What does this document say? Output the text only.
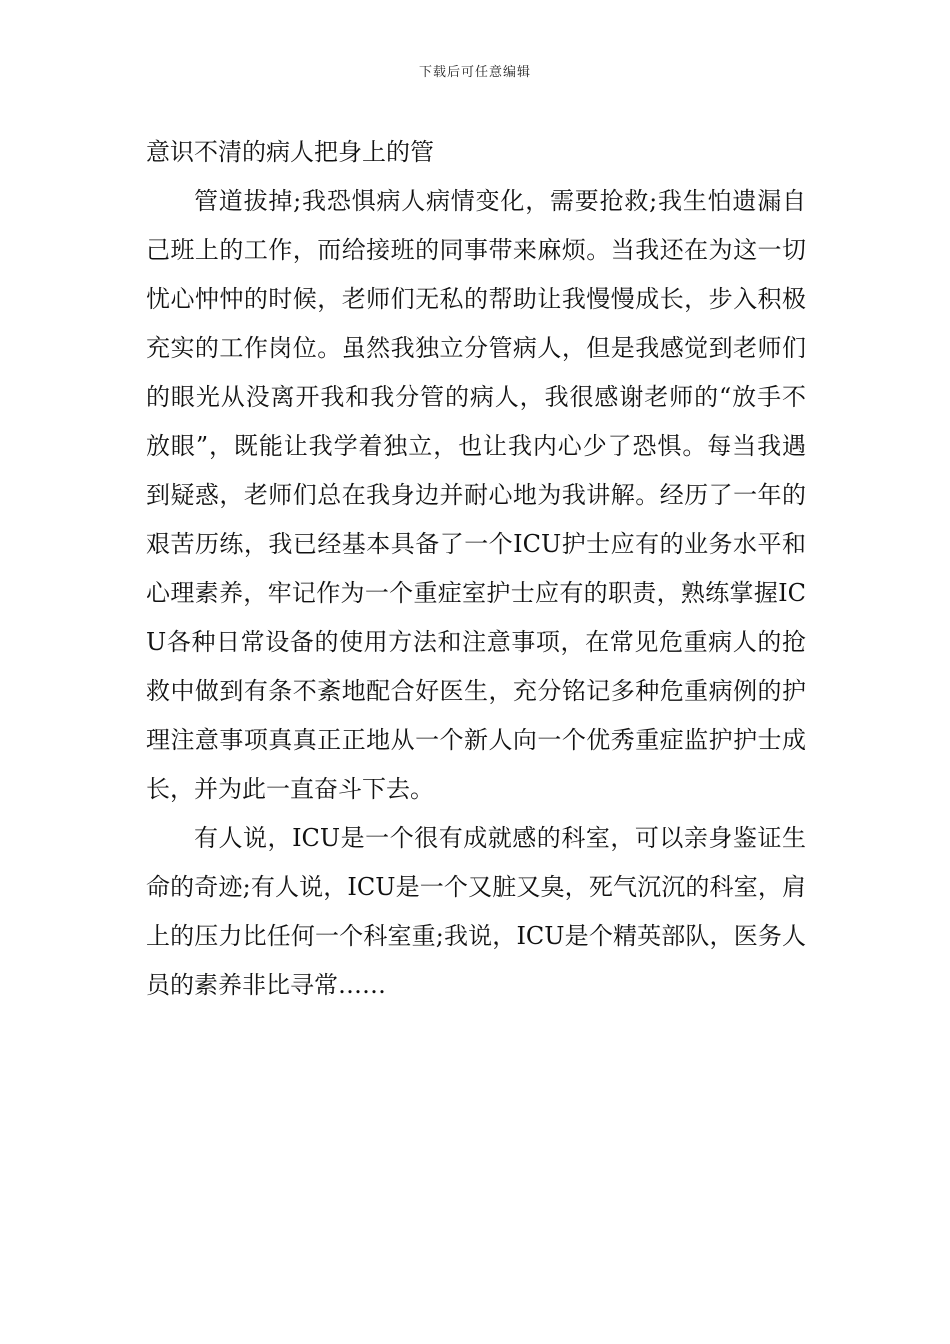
下载后可任意编辑

意识不清的病人把身上的管

管道拔掉;我恐惧病人病情变化，需要抢救;我生怕遗漏自己班上的工作，而给接班的同事带来麻烦。当我还在为这一切忧心忡忡的时候，老师们无私的帮助让我慢慢成长，步入积极充实的工作岗位。虽然我独立分管病人，但是我感觉到老师们的眼光从没离开我和我分管的病人，我很感谢老师的“放手不放眼”，既能让我学着独立，也让我内心少了恐惧。每当我遇到疑惑，老师们总在我身边并耐心地为我讲解。经历了一年的艰苦历练，我已经基本具备了一个ICU护士应有的业务水平和心理素养，牢记作为一个重症室护士应有的职责，熟练掌握ICU各种日常设备的使用方法和注意事项，在常见危重病人的抢救中做到有条不紊地配合好医生，充分铭记多种危重病例的护理注意事项真真正正地从一个新人向一个优秀重症监护护士成长，并为此一直奋斗下去。

有人说，ICU是一个很有成就感的科室，可以亲身鉴证生命的奇迹;有人说，ICU是一个又脏又臭，死气沉沉的科室，肩上的压力比任何一个科室重;我说，ICU是个精英部队，医务人员的素养非比寻常……
